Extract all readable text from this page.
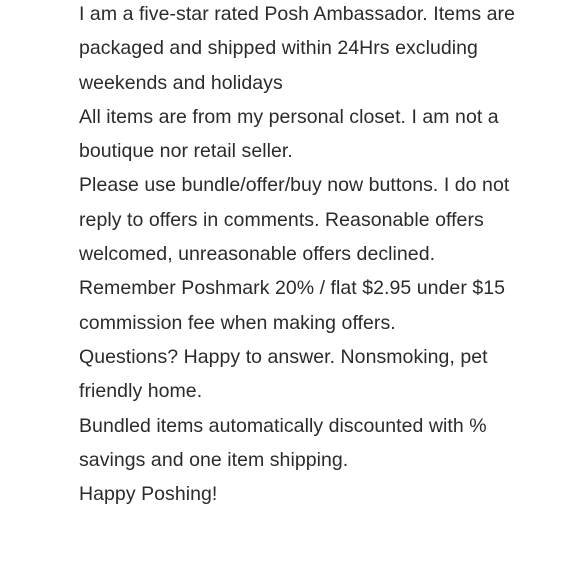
I am a five-star rated Posh Ambassador. Items are packaged and shipped within 24Hrs excluding weekends and holidays

All items are from my personal closet. I am not a boutique nor retail seller.

Please use bundle/offer/buy now buttons. I do not reply to offers in comments. Reasonable offers welcomed, unreasonable offers declined. Remember Poshmark 20% / flat $2.95 under $15 commission fee when making offers.

Questions? Happy to answer. Nonsmoking, pet friendly home.

Bundled items automatically discounted with % savings and one item shipping.

Happy Poshing!
